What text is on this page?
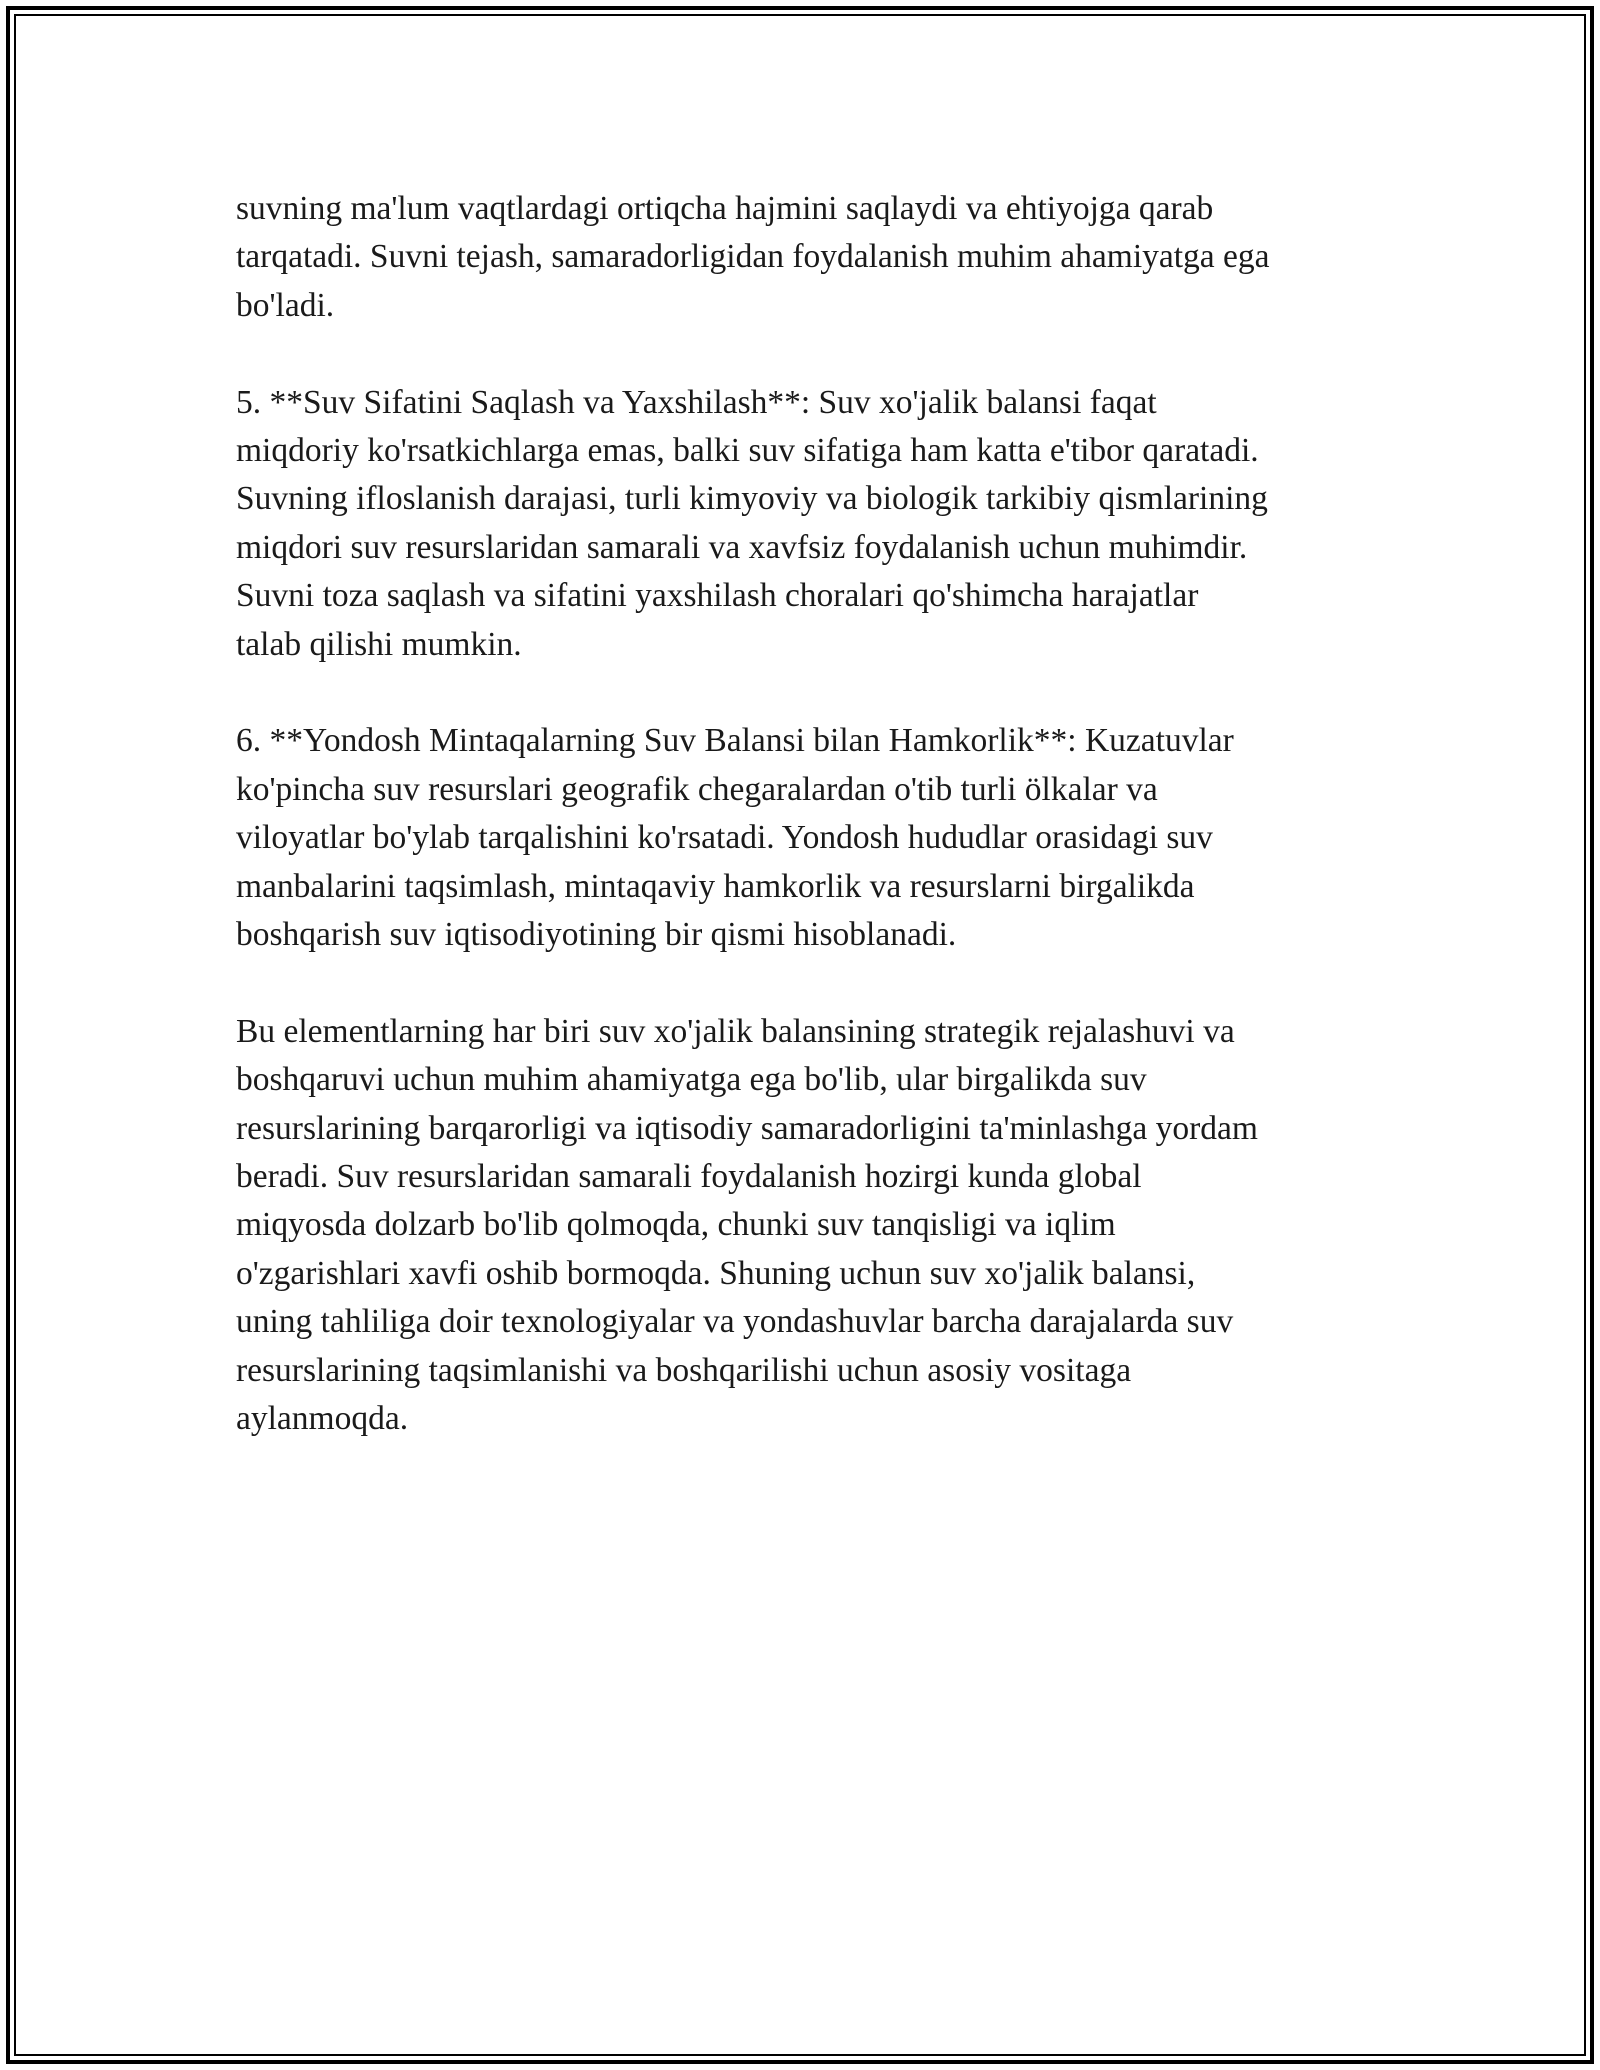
suvning ma'lum vaqtlardagi ortiqcha hajmini saqlaydi va ehtiyojga qarab
tarqatadi. Suvni tejash, samaradorligidan foydalanish muhim ahamiyatga ega
bo'ladi.

5. **Suv Sifatini Saqlash va Yaxshilash**: Suv xo'jalik balansi faqat
miqdoriy ko'rsatkichlarga emas, balki suv sifatiga ham katta e'tibor qaratadi.
Suvning ifloslanish darajasi, turli kimyoviy va biologik tarkibiy qismlarining
miqdori suv resurslaridan samarali va xavfsiz foydalanish uchun muhimdir.
Suvni toza saqlash va sifatini yaxshilash choralari qo'shimcha harajatlar
talab qilishi mumkin.

6. **Yondosh Mintaqalarning Suv Balansi bilan Hamkorlik**: Kuzatuvlar
ko'pincha suv resurslari geografik chegaralardan o'tib turli ölkalar va
viloyatlar bo'ylab tarqalishini ko'rsatadi. Yondosh hududlar orasidagi suv
manbalarini taqsimlash, mintaqaviy hamkorlik va resurslarni birgalikda
boshqarish suv iqtisodiyotining bir qismi hisoblanadi.

Bu elementlarning har biri suv xo'jalik balansining strategik rejalashuvi va
boshqaruvi uchun muhim ahamiyatga ega bo'lib, ular birgalikda suv
resurslarining barqarorligi va iqtisodiy samaradorligini ta'minlashga yordam
beradi. Suv resurslaridan samarali foydalanish hozirgi kunda global
miqyosda dolzarb bo'lib qolmoqda, chunki suv tanqisligi va iqlim
o'zgarishlari xavfi oshib bormoqda. Shuning uchun suv xo'jalik balansi,
uning tahliliga doir texnologiyalar va yondashuvlar barcha darajalarda suv
resurslarining taqsimlanishi va boshqarilishi uchun asosiy vositaga
aylanmoqda.
